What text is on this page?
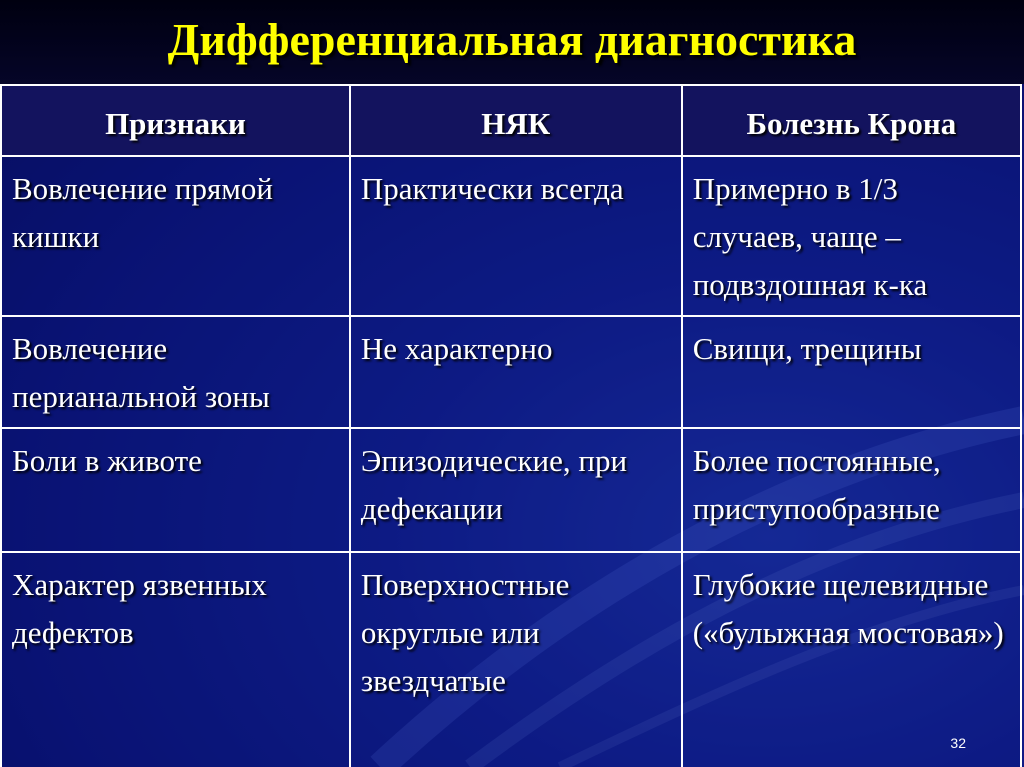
Дифференциальная диагностика
Признаки	НЯК	Болезнь Крона
Вовлечение прямой кишки	Практически всегда	Примерно в 1/3 случаев, чаще – подвздошная к-ка
Вовлечение перианальной зоны	Не характерно	Свищи, трещины
Боли в животе	Эпизодические, при дефекации	Более постоянные, приступообразные
Характер язвенных дефектов	Поверхностные округлые или звездчатые	Глубокие щелевидные («булыжная мостовая»)
32
